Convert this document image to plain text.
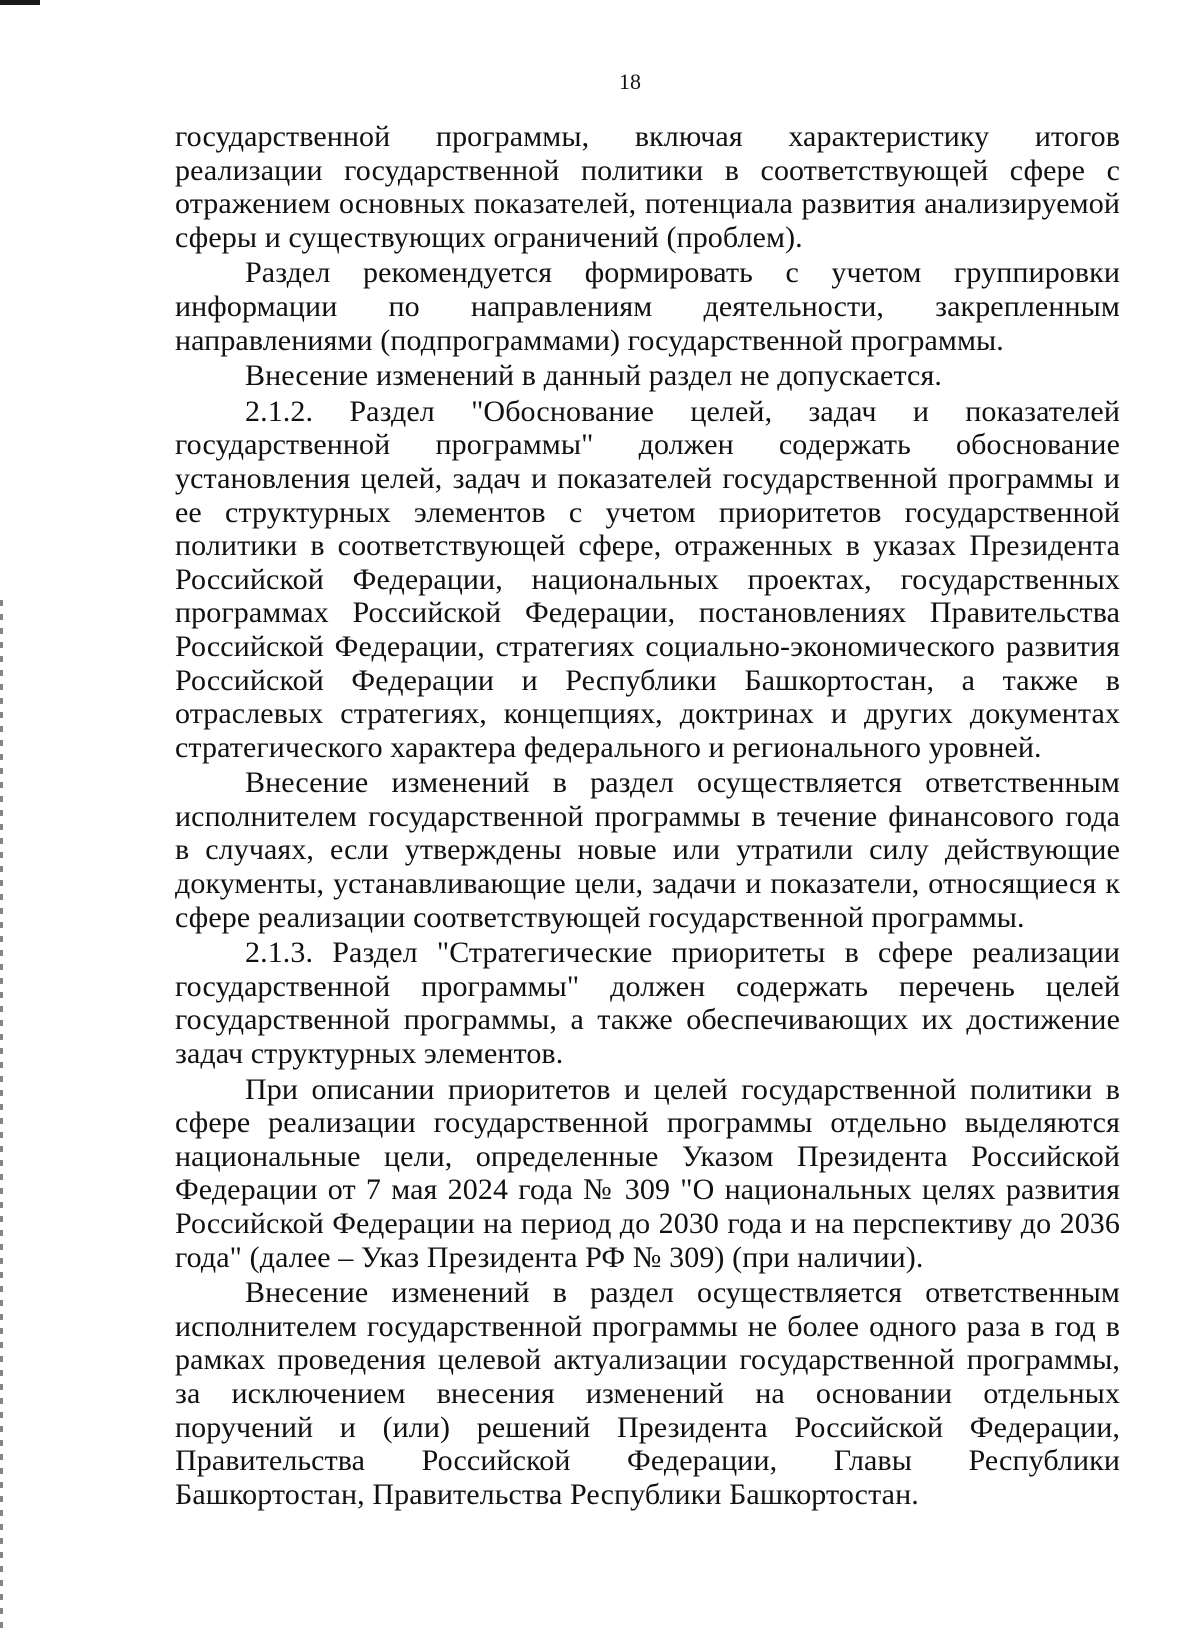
18

государственной программы, включая характеристику итогов реализации государственной политики в соответствующей сфере с отражением основных показателей, потенциала развития анализируемой сферы и существующих ограничений (проблем).

Раздел рекомендуется формировать с учетом группировки информации по направлениям деятельности, закрепленным направлениями (подпрограммами) государственной программы.

Внесение изменений в данный раздел не допускается.

2.1.2. Раздел "Обоснование целей, задач и показателей государственной программы" должен содержать обоснование установления целей, задач и показателей государственной программы и ее структурных элементов с учетом приоритетов государственной политики в соответствующей сфере, отраженных в указах Президента Российской Федерации, национальных проектах, государственных программах Российской Федерации, постановлениях Правительства Российской Федерации, стратегиях социально-экономического развития Российской Федерации и Республики Башкортостан, а также в отраслевых стратегиях, концепциях, доктринах и других документах стратегического характера федерального и регионального уровней.

Внесение изменений в раздел осуществляется ответственным исполнителем государственной программы в течение финансового года в случаях, если утверждены новые или утратили силу действующие документы, устанавливающие цели, задачи и показатели, относящиеся к сфере реализации соответствующей государственной программы.

2.1.3. Раздел "Стратегические приоритеты в сфере реализации государственной программы" должен содержать перечень целей государственной программы, а также обеспечивающих их достижение задач структурных элементов.

При описании приоритетов и целей государственной политики в сфере реализации государственной программы отдельно выделяются национальные цели, определенные Указом Президента Российской Федерации от 7 мая 2024 года № 309 "О национальных целях развития Российской Федерации на период до 2030 года и на перспективу до 2036 года" (далее – Указ Президента РФ № 309) (при наличии).

Внесение изменений в раздел осуществляется ответственным исполнителем государственной программы не более одного раза в год в рамках проведения целевой актуализации государственной программы, за исключением внесения изменений на основании отдельных поручений и (или) решений Президента Российской Федерации, Правительства Российской Федерации, Главы Республики Башкортостан, Правительства Республики Башкортостан.
